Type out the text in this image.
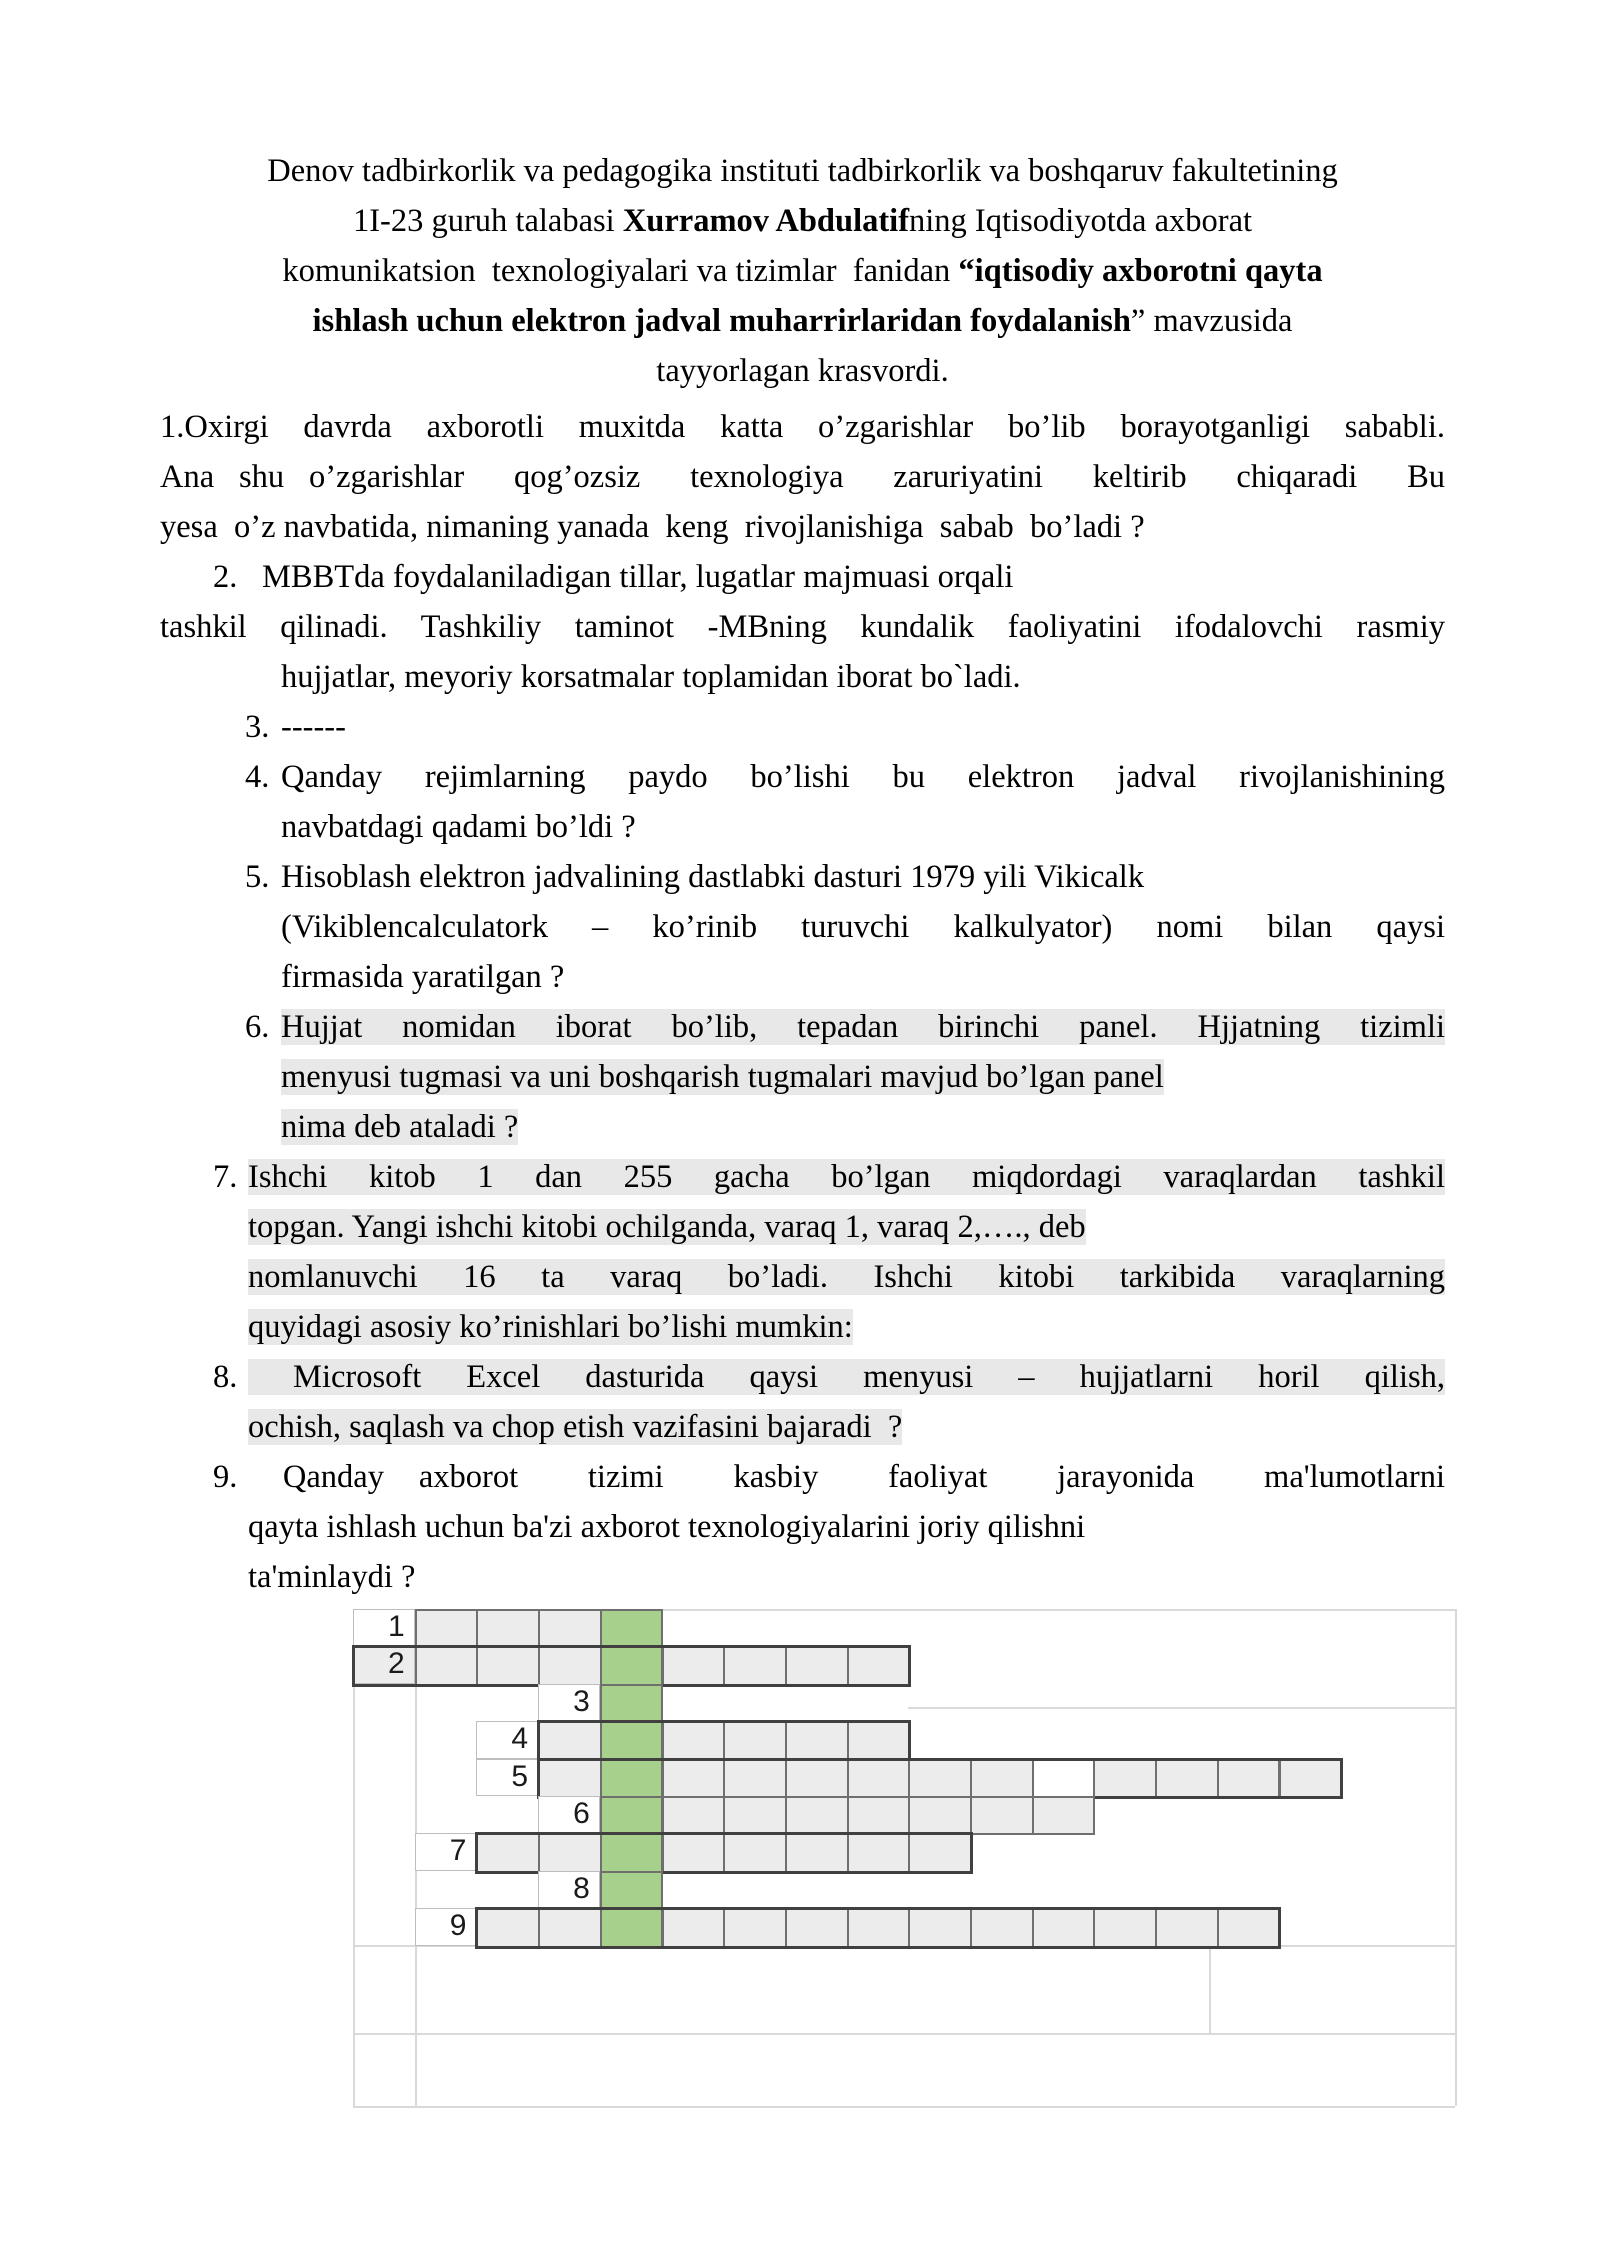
Denov tadbirkorlik va pedagogika instituti tadbirkorlik va boshqaruv fakultetining
1I-23 guruh talabasi Xurramov Abdulatifning Iqtisodiyotda axborat
komunikatsion  texnologiyalari va tizimlar  fanidan “iqtisodiy axborotni qayta
ishlash uchun elektron jadval muharrirlaridan foydalanish” mavzusida
tayyorlagan krasvordi.
1.Oxirgi davrda axborotli muxitda katta o’zgarishlar bo’lib borayotganligi sababli.
Ana shu o’zgarishlar  qog’ozsiz  texnologiya  zaruriyatini  keltirib  chiqaradi  Bu
yesa  o’z navbatida, nimaning yanada  keng  rivojlanishiga  sabab  bo’ladi ?
2. MBBTda foydalaniladigan tillar, lugatlar majmuasi orqali
tashkil qilinadi. Tashkiliy taminot -MBning kundalik faoliyatini ifodalovchi rasmiy
hujjatlar, meyoriy korsatmalar toplamidan iborat bo`ladi.
3. ------
4. Qanday rejimlarning paydo bo’lishi bu elektron jadval rivojlanishining
navbatdagi qadami bo’ldi ?
5. Hisoblash elektron jadvalining dastlabki dasturi 1979 yili Vikicalk
(Vikiblencalculatork – ko’rinib turuvchi kalkulyator) nomi bilan qaysi
firmasida yaratilgan ?
6. Hujjat nomidan iborat bo’lib, tepadan birinchi panel. Hjjatning tizimli
menyusi tugmasi va uni boshqarish tugmalari mavjud bo’lgan panel
nima deb ataladi ?
7. Ishchi kitob 1 dan 255 gacha bo’lgan miqdordagi varaqlardan tashkil
topgan. Yangi ishchi kitobi ochilganda, varaq 1, varaq 2,…., deb
nomlanuvchi 16 ta varaq bo’ladi. Ishchi kitobi tarkibida varaqlarning
quyidagi asosiy ko’rinishlari bo’lishi mumkin:
8. Microsoft Excel dasturida qaysi menyusi – hujjatlarni horil qilish,
ochish, saqlash va chop etish vazifasini bajaradi  ?
9. Qanday axborot  tizimi  kasbiy  faoliyat  jarayonida  ma'lumotlarni
qayta ishlash uchun ba'zi axborot texnologiyalarini joriy qilishni
ta'minlaydi ?
1
2
3
4
5
6
7
8
9
